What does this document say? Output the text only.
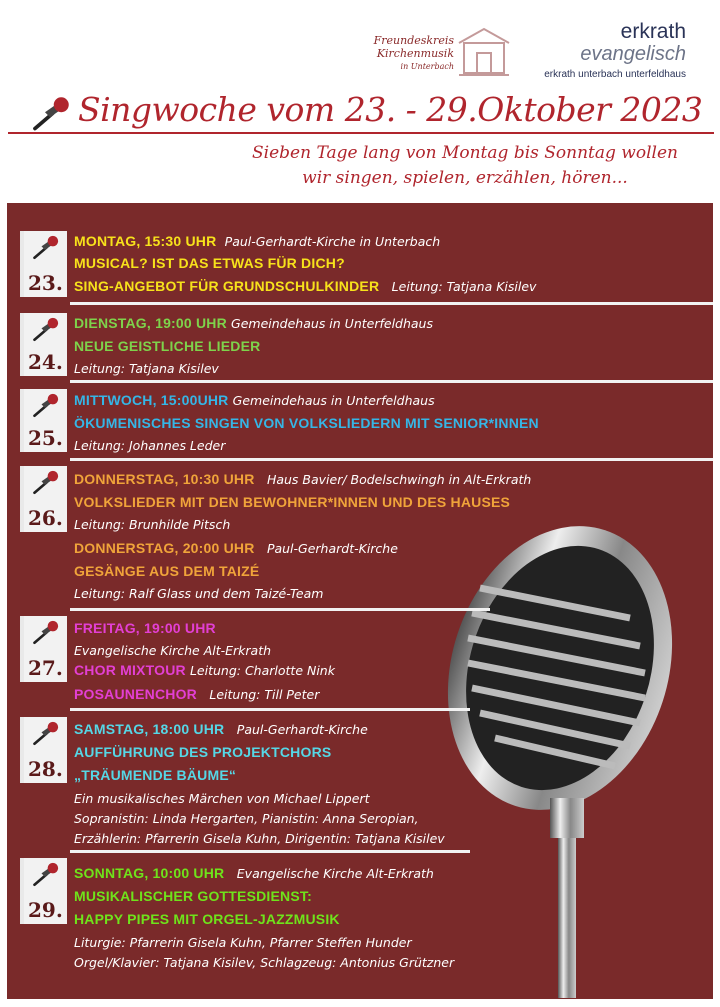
Freundeskreis
Kirchenmusik
in Unterbach
erkrath
evangelisch
erkrath unterbach unterfeldhaus
Singwoche vom 23. - 29.Oktober 2023
Sieben Tage lang von Montag bis Sonntag wollen
wir singen, spielen, erzählen, hören...
23.
MONTAG, 15:30 UHR Paul-Gerhardt-Kirche in Unterbach
MUSICAL? IST DAS ETWAS FÜR DICH?
SING-ANGEBOT FÜR GRUNDSCHULKINDER Leitung: Tatjana Kisilev
24.
DIENSTAG, 19:00 UHR Gemeindehaus in Unterfeldhaus
NEUE GEISTLICHE LIEDER
Leitung: Tatjana Kisilev
25.
MITTWOCH, 15:00UHR Gemeindehaus in Unterfeldhaus
ÖKUMENISCHES SINGEN VON VOLKSLIEDERN MIT SENIOR*INNEN
Leitung: Johannes Leder
26.
DONNERSTAG, 10:30 UHR Haus Bavier/ Bodelschwingh in Alt-Erkrath
VOLKSLIEDER MIT DEN BEWOHNER*INNEN UND DES HAUSES
Leitung: Brunhilde Pitsch
DONNERSTAG, 20:00 UHR Paul-Gerhardt-Kirche
GESÄNGE AUS DEM TAIZÉ
Leitung: Ralf Glass und dem Taizé-Team
27.
FREITAG, 19:00 UHR
Evangelische Kirche Alt-Erkrath
CHOR MIXTOUR Leitung: Charlotte Nink
POSAUNENCHOR Leitung: Till Peter
28.
SAMSTAG, 18:00 UHR Paul-Gerhardt-Kirche
AUFFÜHRUNG DES PROJEKTCHORS
„TRÄUMENDE BÄUME“
Ein musikalisches Märchen von Michael Lippert
Sopranistin: Linda Hergarten, Pianistin: Anna Seropian,
Erzählerin: Pfarrerin Gisela Kuhn, Dirigentin: Tatjana Kisilev
29.
SONNTAG, 10:00 UHR Evangelische Kirche Alt-Erkrath
MUSIKALISCHER GOTTESDIENST:
HAPPY PIPES MIT ORGEL-JAZZMUSIK
Liturgie: Pfarrerin Gisela Kuhn, Pfarrer Steffen Hunder
Orgel/Klavier: Tatjana Kisilev, Schlagzeug: Antonius Grützner
